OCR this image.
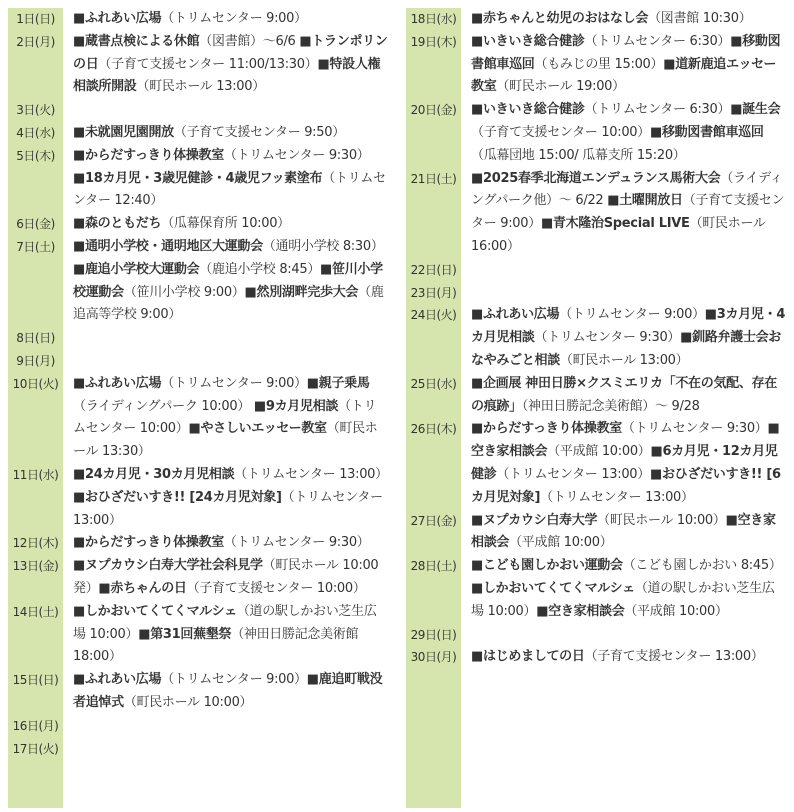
1日(日)	■ ふれあい広場（トリムセンター 9:00）
2日(月)	■ 蔵書点検による休館（図書館）〜6/6 ■ トランポリンの日（子育て支援センター 11:00/13:30） ■ 特設人権相談所開設（町民ホール 13:00）
3日(火)
4日(水)	■ 未就園児園開放（子育て支援センター 9:50）
5日(木)	■ からだすっきり体操教室（トリムセンター 9:30）■ 18カ月児・3歳児健診・4歳児フッ素塗布（トリムセンター 12:40）
6日(金)	■ 森のともだち（瓜幕保育所 10:00）
7日(土)	■ 通明小学校・通明地区大運動会（通明小学校 8:30）■ 鹿追小学校大運動会（鹿追小学校 8:45） ■ 笹川小学校運動会（笹川小学校 9:00） ■ 然別湖畔完歩大会（鹿追高等学校 9:00）
8日(日)
9日(月)
10日(火)	■ ふれあい広場（トリムセンター 9:00） ■ 親子乗馬（ライディングパーク 10:00） ■ 9カ月児相談（トリムセンター 10:00） ■ やさしいエッセー教室（町民ホール 13:30）
11日(水)	■ 24カ月児・30カ月児相談（トリムセンター 13:00） ■ おひざだいすき!! [24カ月児対象]（トリムセンター 13:00）
12日(木)	■ からだすっきり体操教室（トリムセンター 9:30）
13日(金)	■ ヌプカウシ白寿大学社会科見学（町民ホール 10:00発） ■ 赤ちゃんの日（子育て支援センター 10:00）
14日(土)	■ しかおいてくてくマルシェ（道の駅しかおい芝生広場 10:00） ■ 第31回蕪墾祭（神田日勝記念美術館 18:00）
15日(日)	■ ふれあい広場（トリムセンター 9:00） ■ 鹿追町戦没者追悼式（町民ホール 10:00）
16日(月)
17日(火)
18日(水)	■ 赤ちゃんと幼児のおはなし会（図書館 10:30）
19日(木)	■ いきいき総合健診（トリムセンター 6:30） ■ 移動図書館車巡回（もみじの里 15:00） ■ 道新鹿追エッセー教室（町民ホール 19:00）
20日(金)	■ いきいき総合健診（トリムセンター 6:30） ■ 誕生会（子育て支援センター 10:00） ■ 移動図書館車巡回（瓜幕団地 15:00/ 瓜幕支所 15:20）
21日(土)	■ 2025春季北海道エンデュランス馬術大会（ライディングパーク他）〜 6/22 ■ 土曜開放日（子育て支援センター 9:00） ■ 青木隆治Special LIVE（町民ホール 16:00）
22日(日)
23日(月)
24日(火)	■ ふれあい広場（トリムセンター 9:00） ■ 3カ月児・4カ月児相談（トリムセンター 9:30） ■ 釧路弁護士会おなやみごと相談（町民ホール 13:00）
25日(水)	■ 企画展 神田日勝×クスミエリカ「不在の気配、存在の痕跡」（神田日勝記念美術館）〜 9/28
26日(木)	■ からだすっきり体操教室（トリムセンター 9:30）■ 空き家相談会（平成館 10:00） ■ 6カ月児・12カ月児健診（トリムセンター 13:00） ■ おひざだいすき!! [6カ月児対象]（トリムセンター 13:00）
27日(金)	■ ヌプカウシ白寿大学（町民ホール 10:00） ■ 空き家相談会（平成館 10:00）
28日(土)	■ こども園しかおい運動会（こども園しかおい 8:45）■ しかおいてくてくマルシェ（道の駅しかおい芝生広場 10:00） ■ 空き家相談会（平成館 10:00）
29日(日)
30日(月)	■ はじめましての日（子育て支援センター 13:00）
